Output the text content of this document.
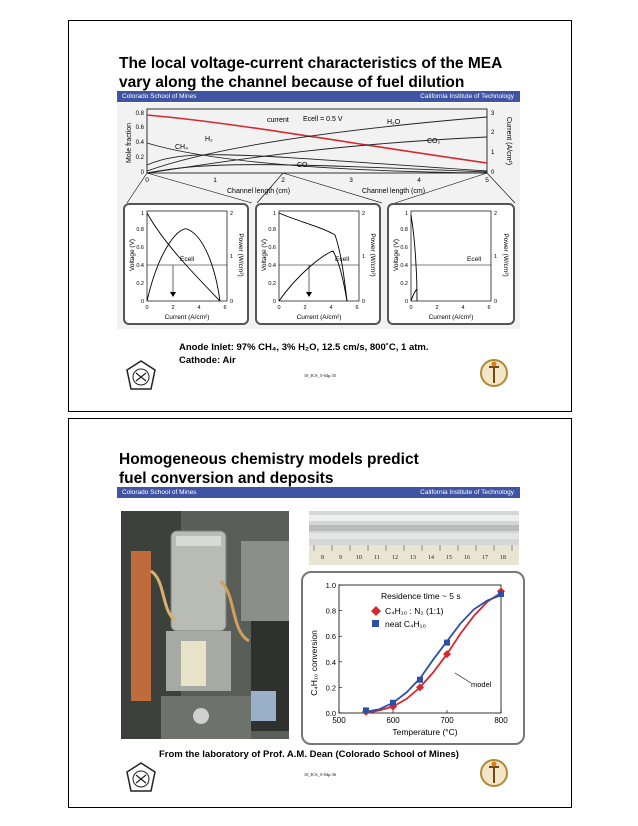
The local voltage-current characteristics of the MEA
vary along the channel because of fuel dilution
Colorado School of Mines	California Institute of Technology
Mole fraction	Current (A/cm²)
Ecell = 0.5 V
current	H₂O
CO₂
CH₄
H₂
CO
0	1	2	3	4	5
0
0.2
0.4
0.6
0.8
0
1
2
3
Channel length (cm)	Channel length (cm)
Ecell
Voltage (V)	Power (W/cm²)
Current (A/cm²)
0	2	4	6
0
0.2
0.4
0.6
0.8
1
0
1
2
Ecell
Voltage (V)	Power (W/cm²)
Current (A/cm²)
0	2	4	6
0
0.2
0.4
0.6
0.8
1
0
1
2
Ecell
Voltage (V)	Power (W/cm²)
Current (A/cm²)
0	2	4	6
0
0.2
0.4
0.6
0.8
1
0
1
2
Anode Inlet: 97% CH₄, 3% H₂O, 12.5 cm/s, 800˚C, 1 atm.
Cathode: Air
10_ICS_5-04p.35
Homogeneous chemistry models predict
fuel conversion and deposits
Colorado School of Mines	California Institute of Technology
8	9 10 11 12 13 14 15 16 17 18
500	600	700	800
0.0
0.2
0.4
0.6
0.8
1.0
Residence time ~ 5 s
C₄H₁₀ : N₂ (1:1)
neat C₄H₁₀
model
Temperature (°C)
C₄H₁₀ conversion
From the laboratory of Prof. A.M. Dean (Colorado School of Mines)
10_ICS_5-04p.36
